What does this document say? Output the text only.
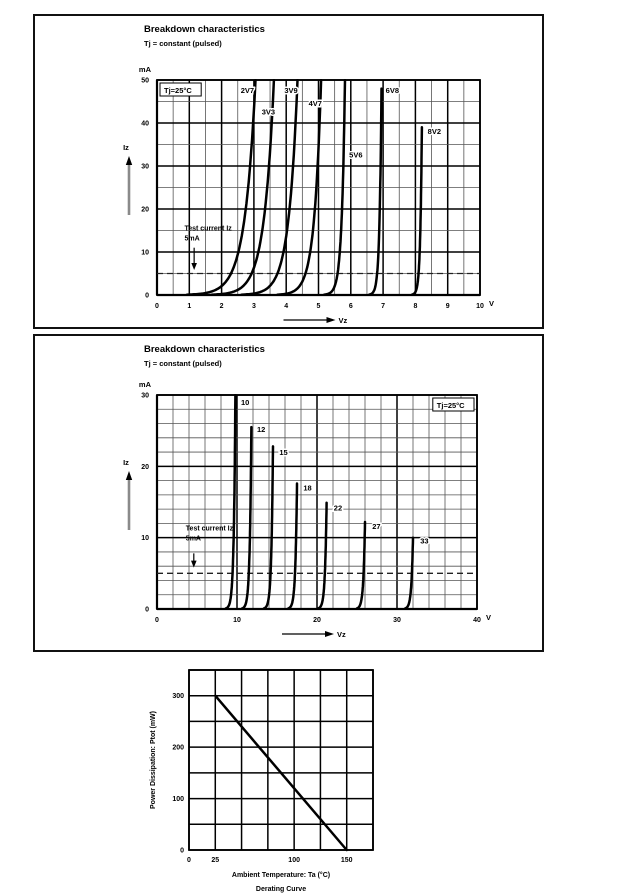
Breakdown characteristics
Tj = constant (pulsed)
0	1	2	3	4	5	6	7	8	9	10 V
0
10
20
30
40
50
mA
Tj=25°C
Iz
Vz
Test current Iz
5mA
2V7
3V3
3V9
4V7
5V6
6V8
8V2
Breakdown characteristics
Tj = constant (pulsed)
0	10	20	30	40 V
0
10
20
30
mA
Tj=25°C
Iz
Vz
Test current Iz
5mA
10
12
15
18
22
27
33
0	25	100	150
0
100
200
300
Ambient Temperature: Ta (°C)
Derating Curve
Power Dissipation: Ptot (mW)
